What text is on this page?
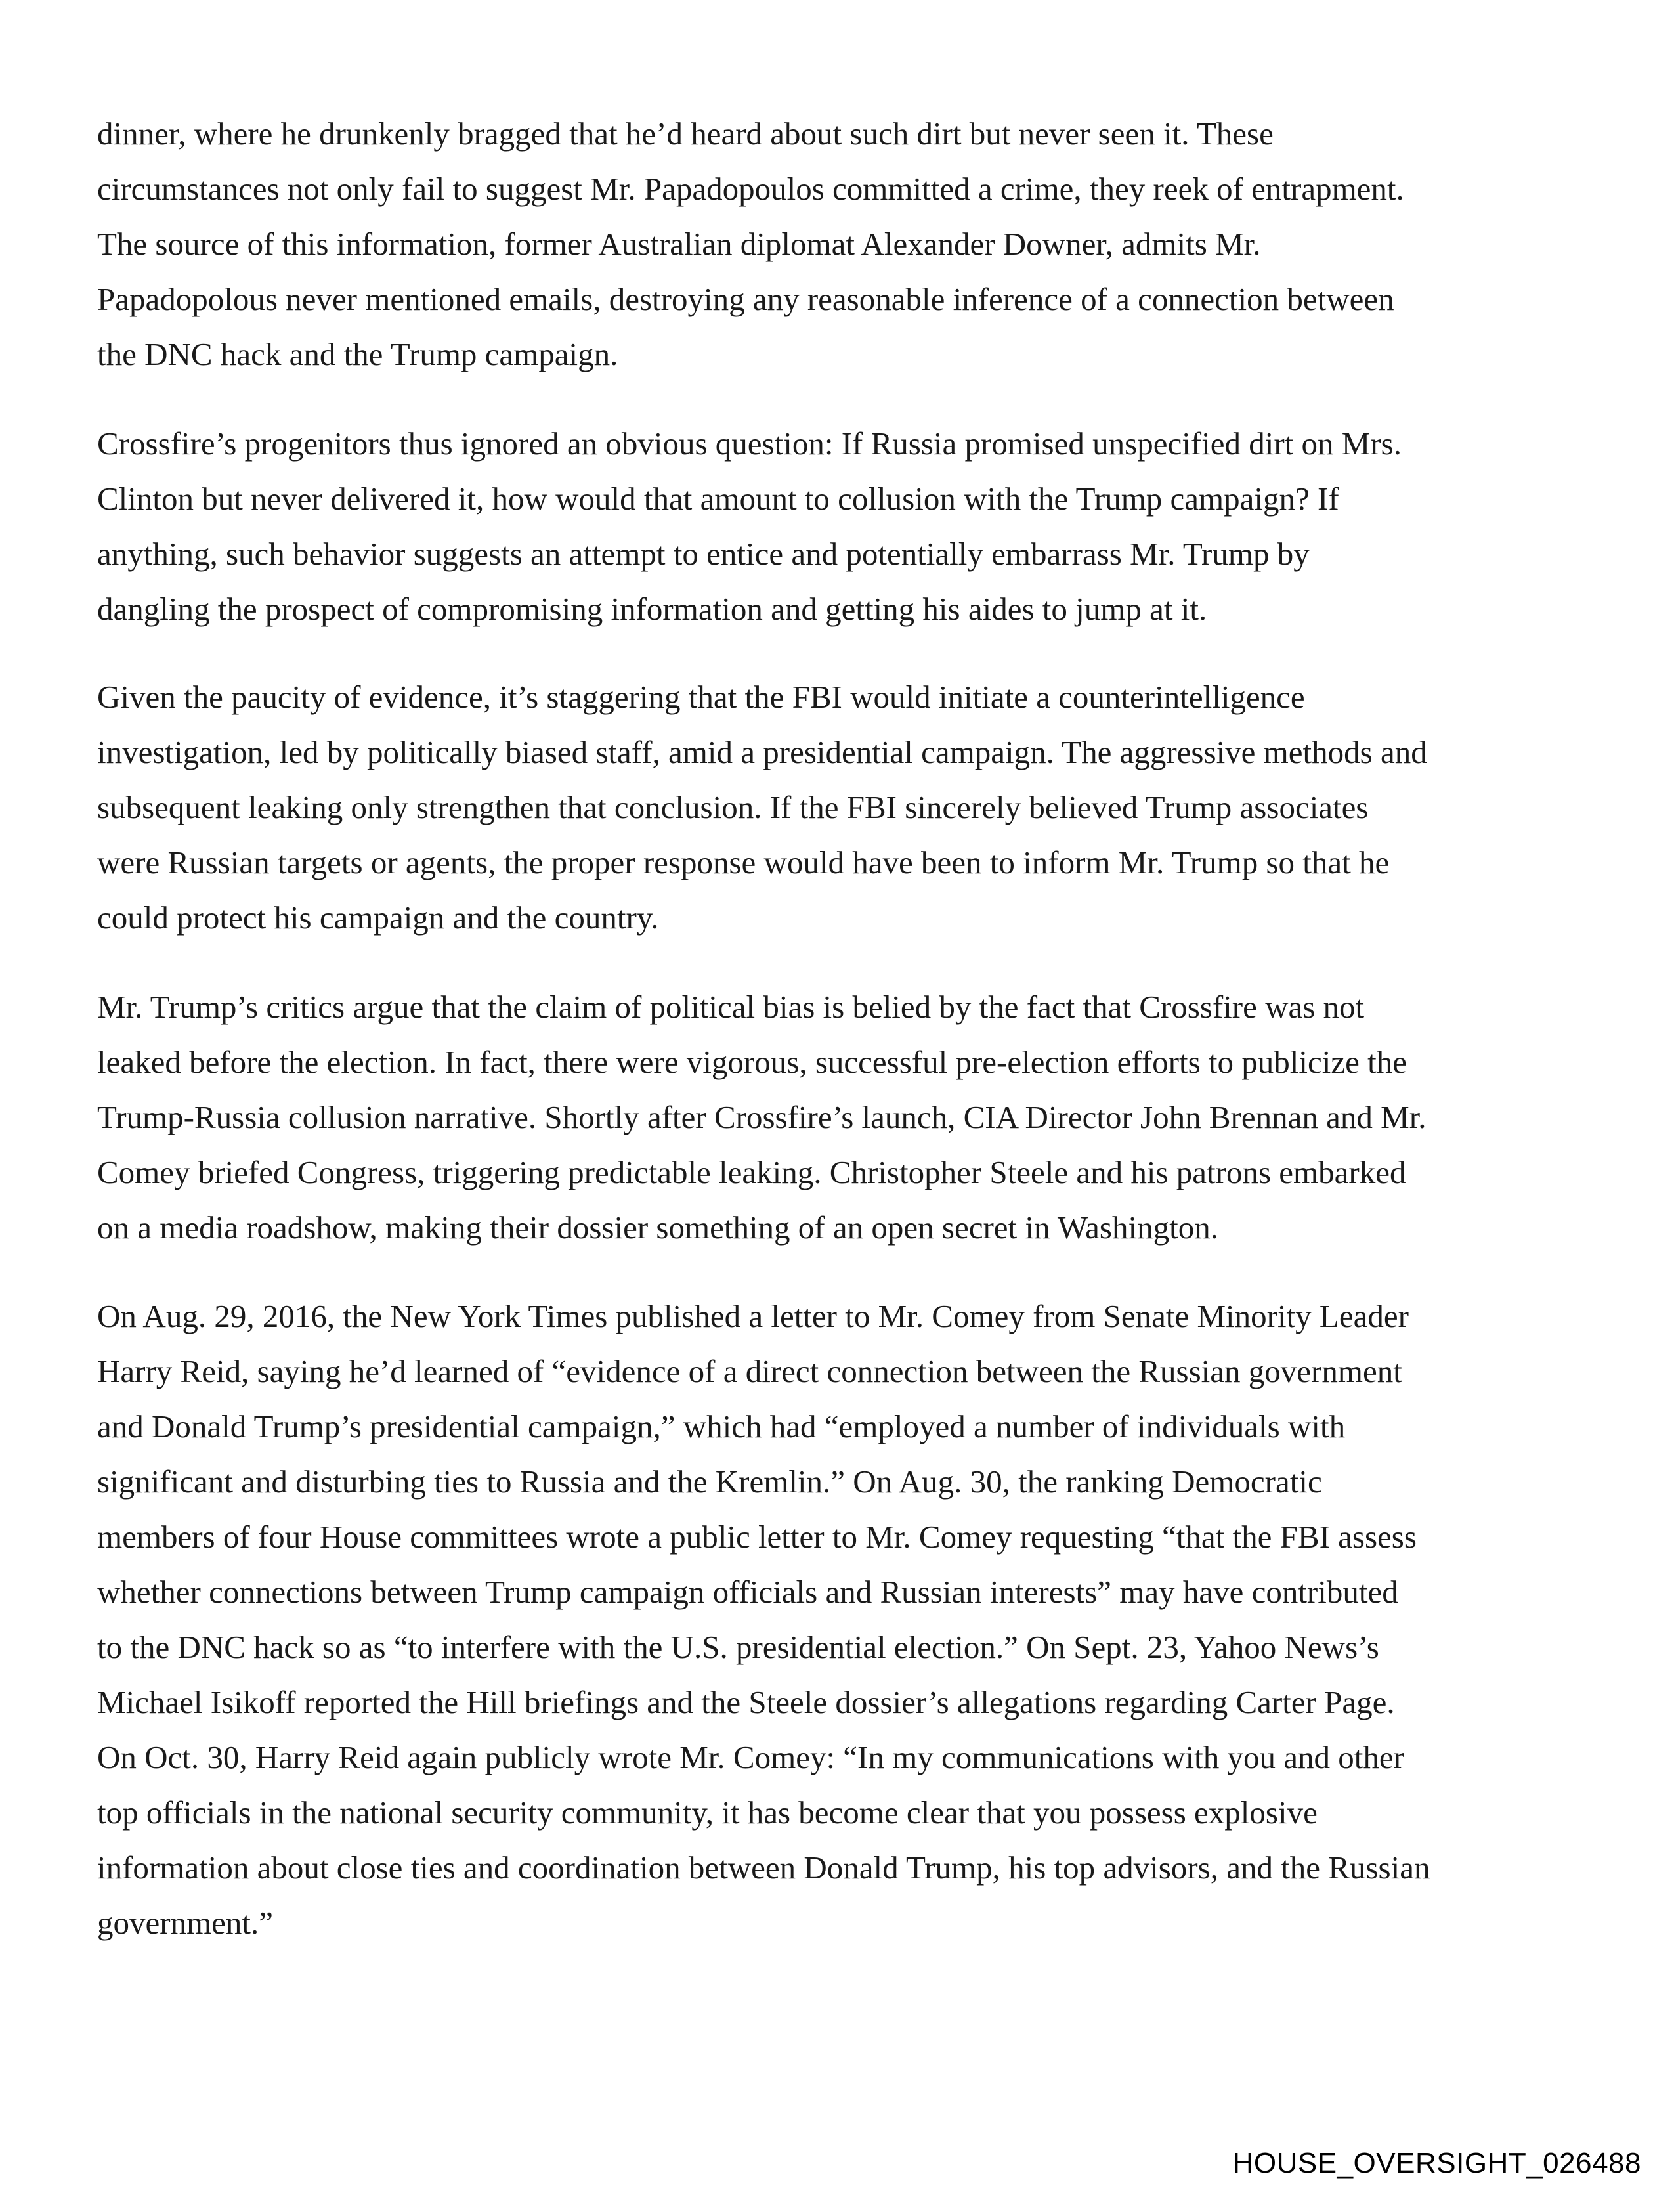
dinner, where he drunkenly bragged that he’d heard about such dirt but never seen it. These
circumstances not only fail to suggest Mr. Papadopoulos committed a crime, they reek of entrapment.
The source of this information, former Australian diplomat Alexander Downer, admits Mr.
Papadopolous never mentioned emails, destroying any reasonable inference of a connection between
the DNC hack and the Trump campaign.
Crossfire’s progenitors thus ignored an obvious question: If Russia promised unspecified dirt on Mrs.
Clinton but never delivered it, how would that amount to collusion with the Trump campaign? If
anything, such behavior suggests an attempt to entice and potentially embarrass Mr. Trump by
dangling the prospect of compromising information and getting his aides to jump at it.
Given the paucity of evidence, it’s staggering that the FBI would initiate a counterintelligence
investigation, led by politically biased staff, amid a presidential campaign. The aggressive methods and
subsequent leaking only strengthen that conclusion. If the FBI sincerely believed Trump associates
were Russian targets or agents, the proper response would have been to inform Mr. Trump so that he
could protect his campaign and the country.
Mr. Trump’s critics argue that the claim of political bias is belied by the fact that Crossfire was not
leaked before the election. In fact, there were vigorous, successful pre-election efforts to publicize the
Trump-Russia collusion narrative. Shortly after Crossfire’s launch, CIA Director John Brennan and Mr.
Comey briefed Congress, triggering predictable leaking. Christopher Steele and his patrons embarked
on a media roadshow, making their dossier something of an open secret in Washington.
On Aug. 29, 2016, the New York Times published a letter to Mr. Comey from Senate Minority Leader
Harry Reid, saying he’d learned of “evidence of a direct connection between the Russian government
and Donald Trump’s presidential campaign,” which had “employed a number of individuals with
significant and disturbing ties to Russia and the Kremlin.” On Aug. 30, the ranking Democratic
members of four House committees wrote a public letter to Mr. Comey requesting “that the FBI assess
whether connections between Trump campaign officials and Russian interests” may have contributed
to the DNC hack so as “to interfere with the U.S. presidential election.” On Sept. 23, Yahoo News’s
Michael Isikoff reported the Hill briefings and the Steele dossier’s allegations regarding Carter Page.
On Oct. 30, Harry Reid again publicly wrote Mr. Comey: “In my communications with you and other
top officials in the national security community, it has become clear that you possess explosive
information about close ties and coordination between Donald Trump, his top advisors, and the Russian
government.”
HOUSE_OVERSIGHT_026488
